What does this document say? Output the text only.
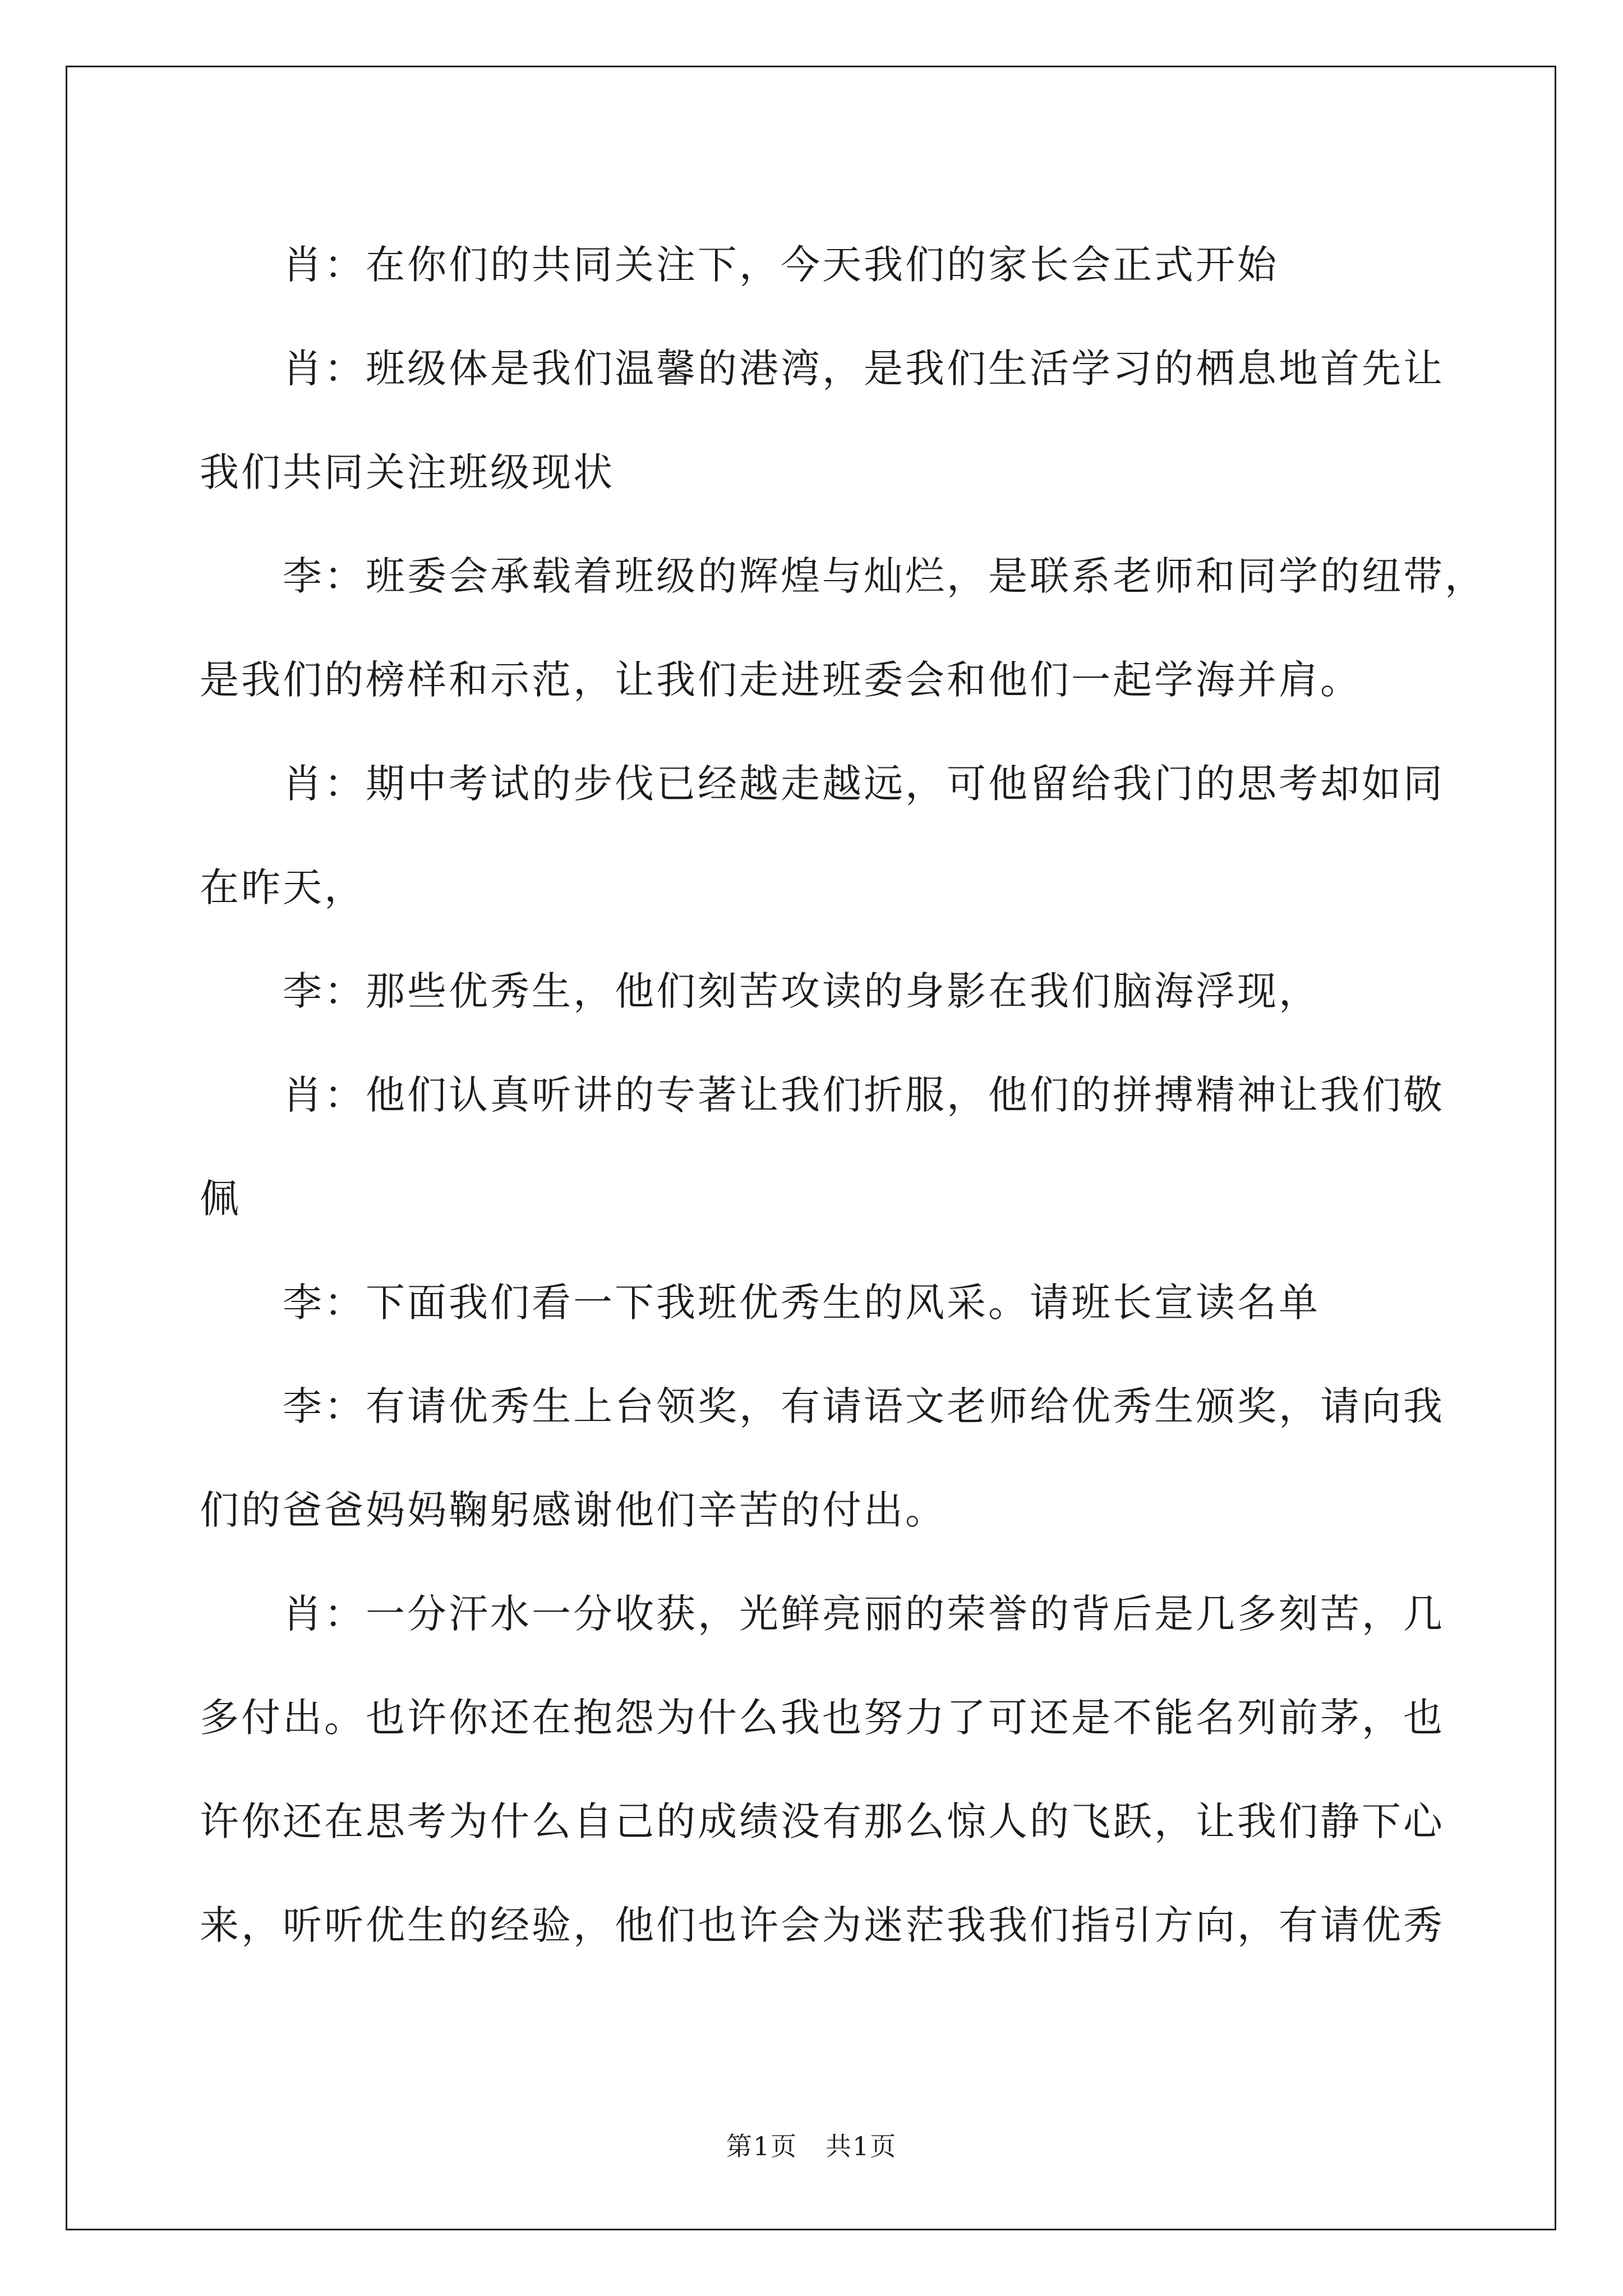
肖：在你们的共同关注下，今天我们的家长会正式开始
肖：班级体是我们温馨的港湾，是我们生活学习的栖息地首先让
我们共同关注班级现状
李：班委会承载着班级的辉煌与灿烂，是联系老师和同学的纽带，
是我们的榜样和示范，让我们走进班委会和他们一起学海并肩。
肖：期中考试的步伐已经越走越远，可他留给我门的思考却如同
在昨天，
李：那些优秀生，他们刻苦攻读的身影在我们脑海浮现，
肖：他们认真听讲的专著让我们折服，他们的拼搏精神让我们敬
佩
李：下面我们看一下我班优秀生的风采。请班长宣读名单
李：有请优秀生上台领奖，有请语文老师给优秀生颁奖，请向我
们的爸爸妈妈鞠躬感谢他们辛苦的付出。
肖：一分汗水一分收获，光鲜亮丽的荣誉的背后是几多刻苦，几
多付出。也许你还在抱怨为什么我也努力了可还是不能名列前茅，也
许你还在思考为什么自己的成绩没有那么惊人的飞跃，让我们静下心
来，听听优生的经验，他们也许会为迷茫我我们指引方向，有请优秀
第1页 共1页
